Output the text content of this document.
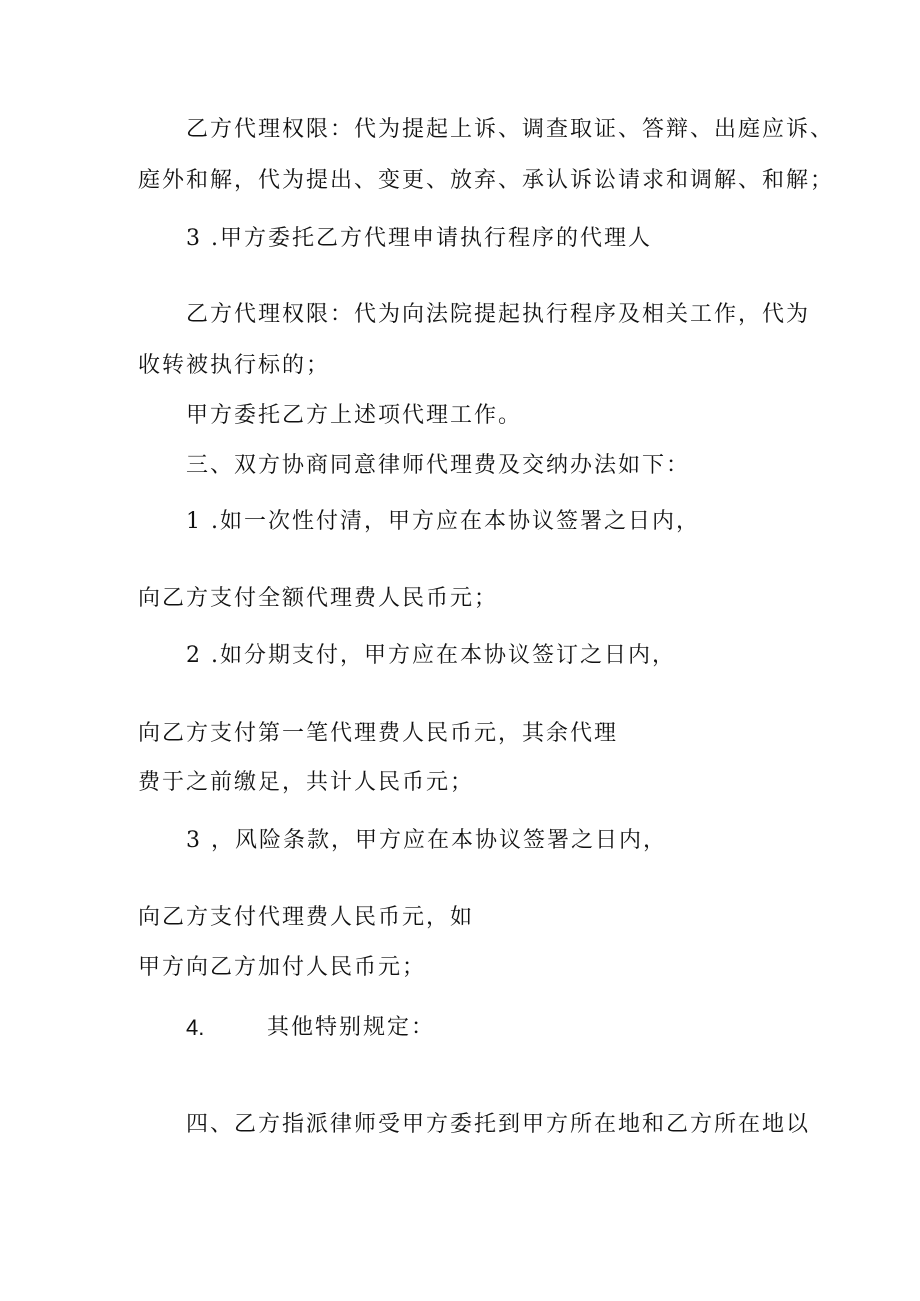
乙方代理权限：代为提起上诉、调查取证、答辩、出庭应诉、
庭外和解，代为提出、变更、放弃、承认诉讼请求和调解、和解；
3 .甲方委托乙方代理申请执行程序的代理人
乙方代理权限：代为向法院提起执行程序及相关工作，代为
收转被执行标的；
甲方委托乙方上述项代理工作。
三、双方协商同意律师代理费及交纳办法如下：
1 .如一次性付清，甲方应在本协议签署之日内，
向乙方支付全额代理费人民币元；
2 .如分期支付，甲方应在本协议签订之日内，
向乙方支付第一笔代理费人民币元，其余代理
费于之前缴足，共计人民币元；
3 ，风险条款，甲方应在本协议签署之日内，
向乙方支付代理费人民币元，如
甲方向乙方加付人民币元；
4.	其他特别规定：
四、乙方指派律师受甲方委托到甲方所在地和乙方所在地以
